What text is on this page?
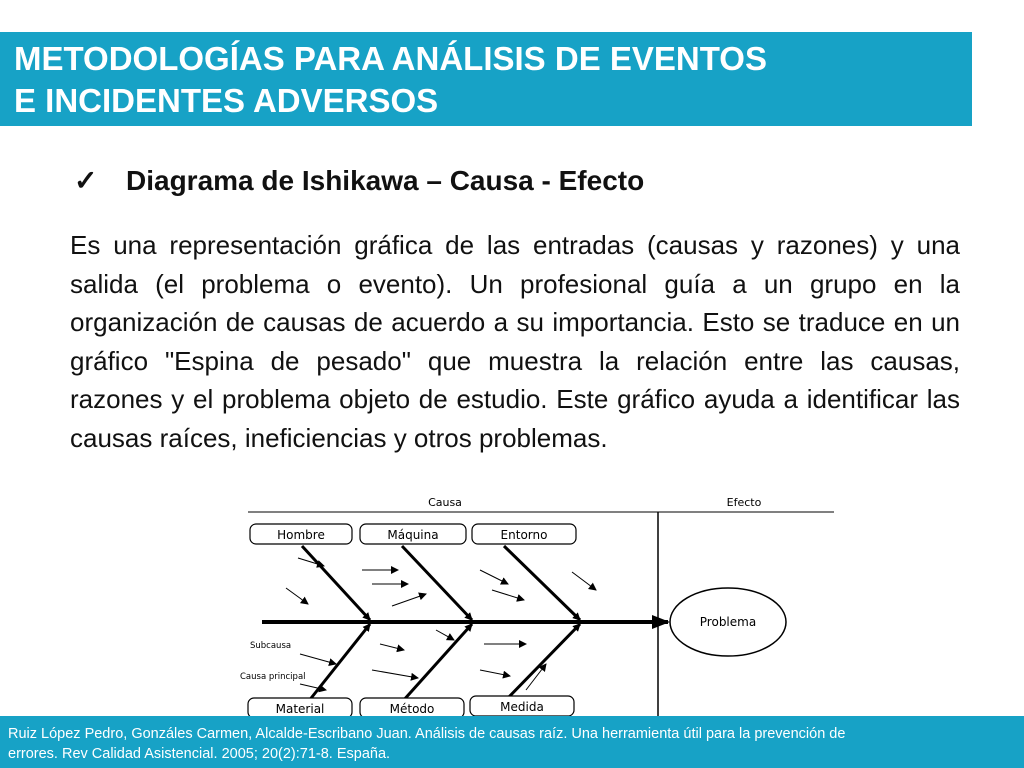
METODOLOGÍAS PARA ANÁLISIS DE EVENTOS
E INCIDENTES ADVERSOS
✓ Diagrama de Ishikawa – Causa - Efecto

Es una representación gráfica de las entradas (causas y razones) y una salida (el problema o evento). Un profesional guía a un grupo en la organización de causas de acuerdo a su importancia. Esto se traduce en un gráfico "Espina de pesado" que muestra la relación entre las causas, razones y el problema objeto de estudio. Este gráfico ayuda a identificar las causas raíces, ineficiencias y otros problemas.

Causa	Efecto
Hombre	Máquina	Entorno
Problema
Subcausa
Causa principal
Material	Método	Medida
Ruiz López Pedro, Gonzáles Carmen, Alcalde-Escribano Juan. Análisis de causas raíz. Una herramienta útil para la prevención de
errores. Rev Calidad Asistencial. 2005; 20(2):71-8. España.
